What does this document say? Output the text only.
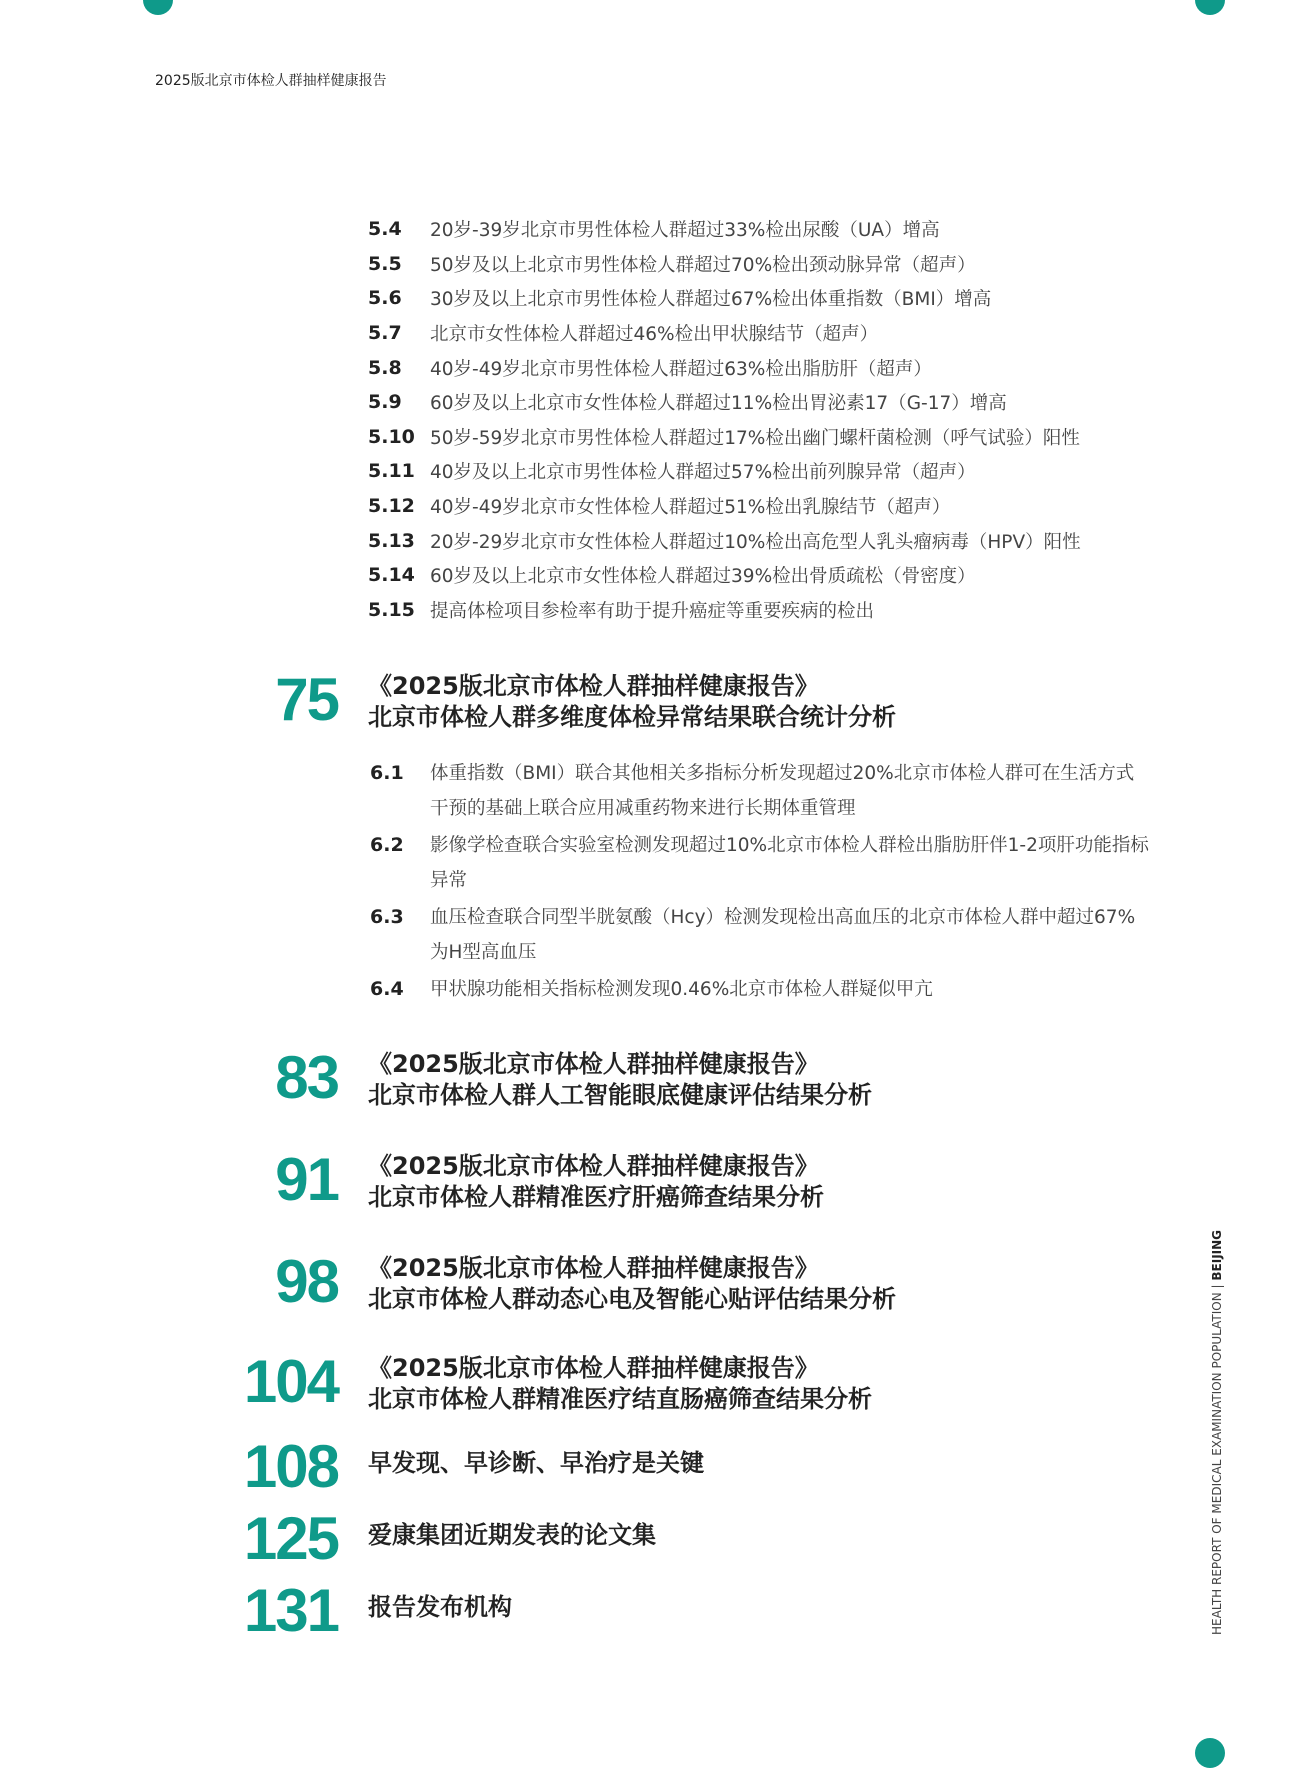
2025版北京市体检人群抽样健康报告
5.4	20岁-39岁北京市男性体检人群超过33%检出尿酸（UA）增高
5.5	50岁及以上北京市男性体检人群超过70%检出颈动脉异常（超声）
5.6	30岁及以上北京市男性体检人群超过67%检出体重指数（BMI）增高
5.7	北京市女性体检人群超过46%检出甲状腺结节（超声）
5.8	40岁-49岁北京市男性体检人群超过63%检出脂肪肝（超声）
5.9	60岁及以上北京市女性体检人群超过11%检出胃泌素17（G-17）增高
5.10 50岁-59岁北京市男性体检人群超过17%检出幽门螺杆菌检测（呼气试验）阳性
5.11 40岁及以上北京市男性体检人群超过57%检出前列腺异常（超声）
5.12 40岁-49岁北京市女性体检人群超过51%检出乳腺结节（超声）
5.13 20岁-29岁北京市女性体检人群超过10%检出高危型人乳头瘤病毒（HPV）阳性
5.14 60岁及以上北京市女性体检人群超过39%检出骨质疏松（骨密度）
5.15 提高体检项目参检率有助于提升癌症等重要疾病的检出
75 《2025版北京市体检人群抽样健康报告》
北京市体检人群多维度体检异常结果联合统计分析
6.1	体重指数（BMI）联合其他相关多指标分析发现超过20%北京市体检人群可在生活方式干预的基础上联合应用减重药物来进行长期体重管理
6.2	影像学检查联合实验室检测发现超过10%北京市体检人群检出脂肪肝伴1-2项肝功能指标异常
6.3	血压检查联合同型半胱氨酸（Hcy）检测发现检出高血压的北京市体检人群中超过67%为H型高血压
6.4	甲状腺功能相关指标检测发现0.46%北京市体检人群疑似甲亢
83 《2025版北京市体检人群抽样健康报告》
北京市体检人群人工智能眼底健康评估结果分析
91 《2025版北京市体检人群抽样健康报告》
北京市体检人群精准医疗肝癌筛查结果分析
98 《2025版北京市体检人群抽样健康报告》
北京市体检人群动态心电及智能心贴评估结果分析
104 《2025版北京市体检人群抽样健康报告》
北京市体检人群精准医疗结直肠癌筛查结果分析
108 早发现、早诊断、早治疗是关键
125 爱康集团近期发表的论文集
131 报告发布机构	HEALTH REPORT OF MEDICAL EXAMINATION POPULATION | BEIJING
